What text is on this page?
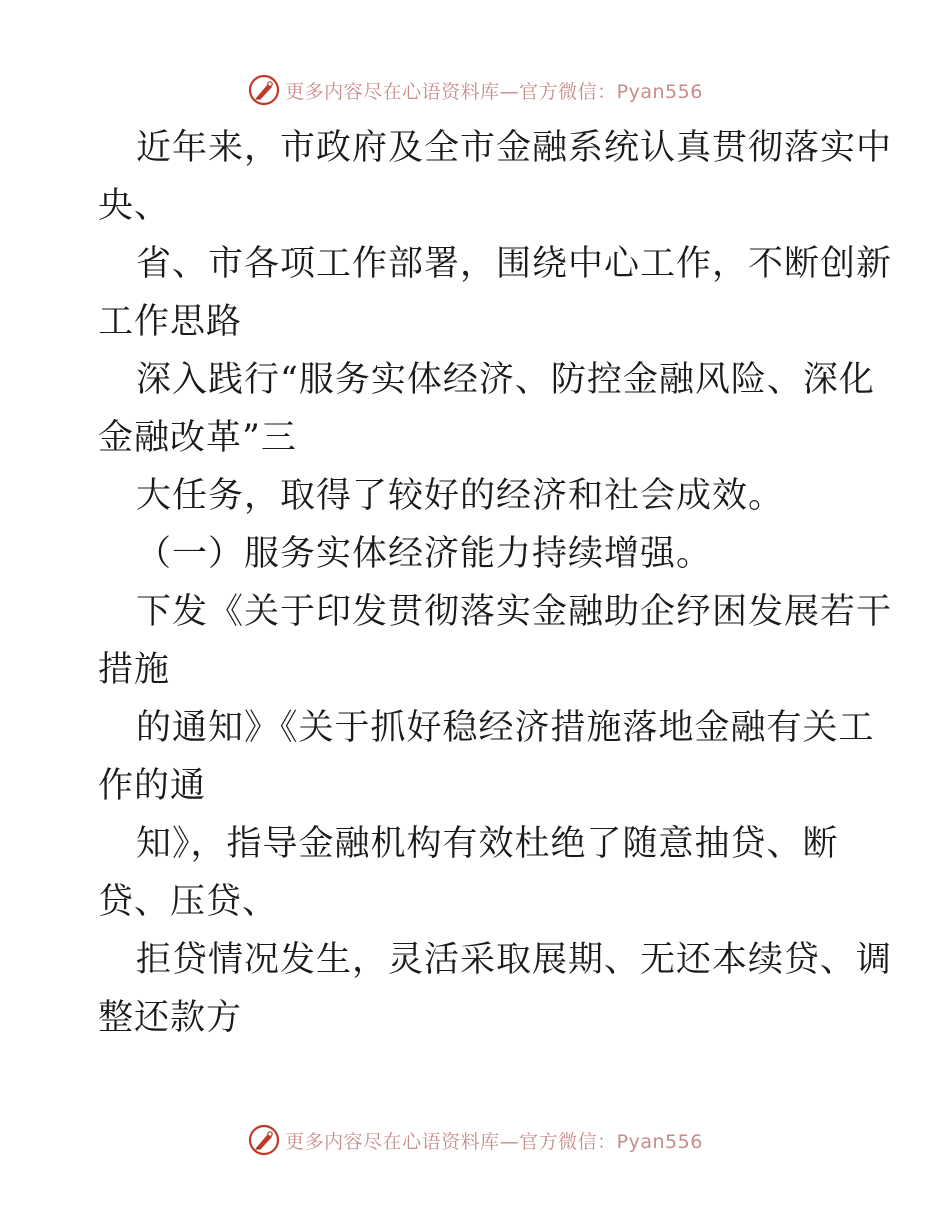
更多内容尽在心语资料库—官方微信：Pyan556
近年来，市政府及全市金融系统认真贯彻落实中
央、
省、市各项工作部署，围绕中心工作，不断创新
工作思路
深入践行“服务实体经济、防控金融风险、深化
金融改革”三
大任务，取得了较好的经济和社会成效。
（一）服务实体经济能力持续增强。
下发《关于印发贯彻落实金融助企纾困发展若干
措施
的通知》《关于抓好稳经济措施落地金融有关工
作的通
知》，指导金融机构有效杜绝了随意抽贷、断
贷、压贷、
拒贷情况发生，灵活采取展期、无还本续贷、调
整还款方
更多内容尽在心语资料库—官方微信：Pyan556
